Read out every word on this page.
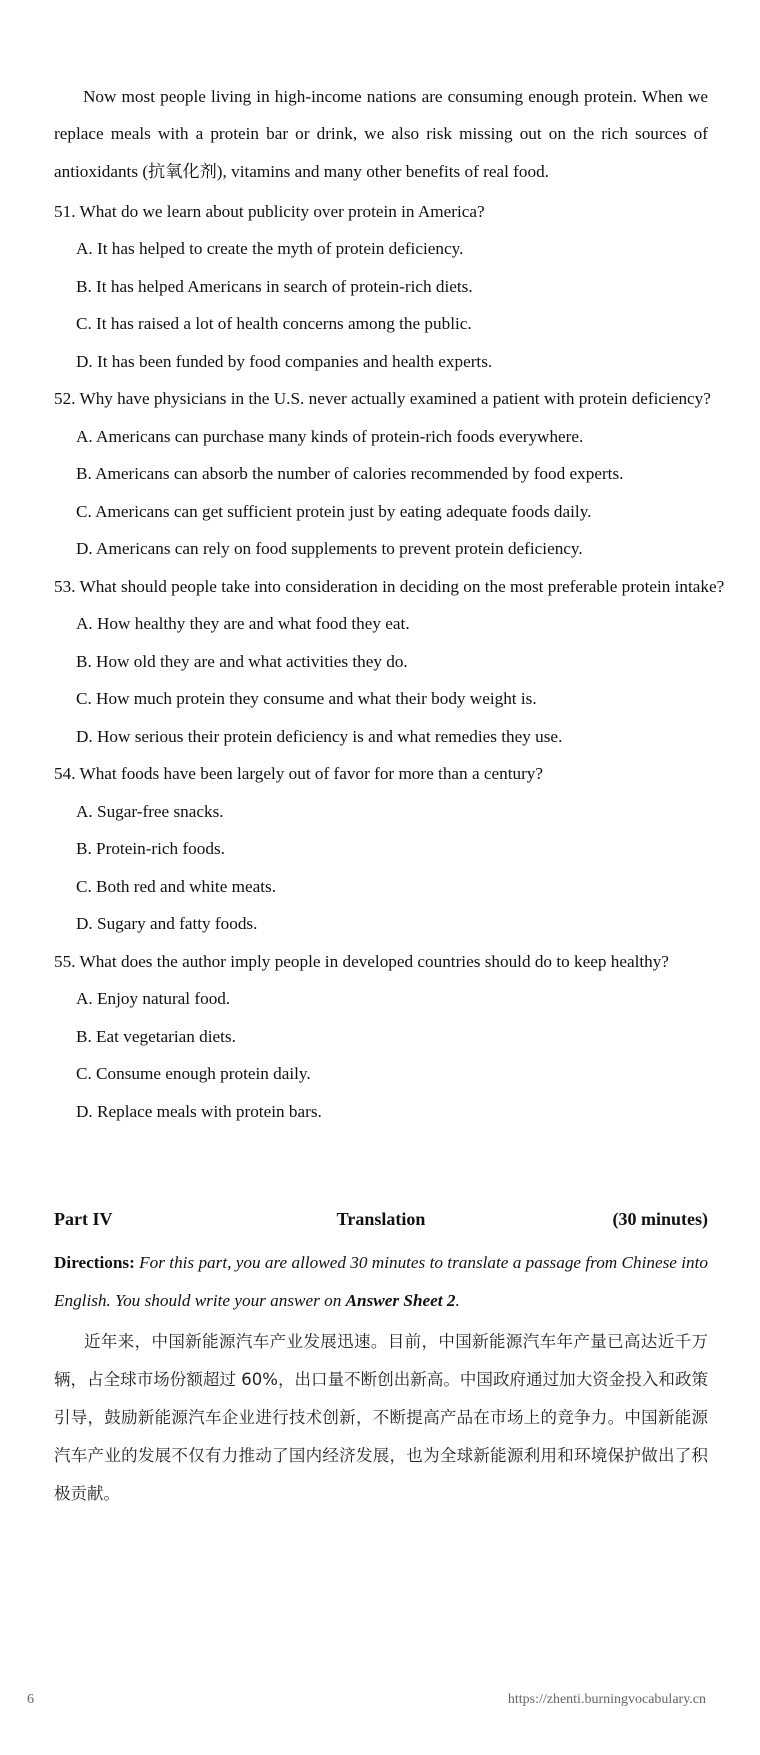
Now most people living in high-income nations are consuming enough protein. When we replace meals with a protein bar or drink, we also risk missing out on the rich sources of antioxidants (抗氧化剂), vitamins and many other benefits of real food.

51. What do we learn about publicity over protein in America?

A. It has helped to create the myth of protein deficiency.

B. It has helped Americans in search of protein-rich diets.

C. It has raised a lot of health concerns among the public.

D. It has been funded by food companies and health experts.

52. Why have physicians in the U.S. never actually examined a patient with protein deficiency?

A. Americans can purchase many kinds of protein-rich foods everywhere.

B. Americans can absorb the number of calories recommended by food experts.

C. Americans can get sufficient protein just by eating adequate foods daily.

D. Americans can rely on food supplements to prevent protein deficiency.

53. What should people take into consideration in deciding on the most preferable protein intake?

A. How healthy they are and what food they eat.

B. How old they are and what activities they do.

C. How much protein they consume and what their body weight is.

D. How serious their protein deficiency is and what remedies they use.

54. What foods have been largely out of favor for more than a century?

A. Sugar-free snacks.

B. Protein-rich foods.

C. Both red and white meats.

D. Sugary and fatty foods.

55. What does the author imply people in developed countries should do to keep healthy?

A. Enjoy natural food.

B. Eat vegetarian diets.

C. Consume enough protein daily.

D. Replace meals with protein bars.

Part IV	Translation	(30 minutes)

Directions: For this part, you are allowed 30 minutes to translate a passage from Chinese into English. You should write your answer on Answer Sheet 2.

近年来，中国新能源汽车产业发展迅速。目前，中国新能源汽车年产量已高达近千万辆，占全球市场份额超过 60%，出口量不断创出新高。中国政府通过加大资金投入和政策引导，鼓励新能源汽车企业进行技术创新，不断提高产品在市场上的竞争力。中国新能源汽车产业的发展不仅有力推动了国内经济发展，也为全球新能源利用和环境保护做出了积极贡献。

6	https://zhenti.burningvocabulary.cn
